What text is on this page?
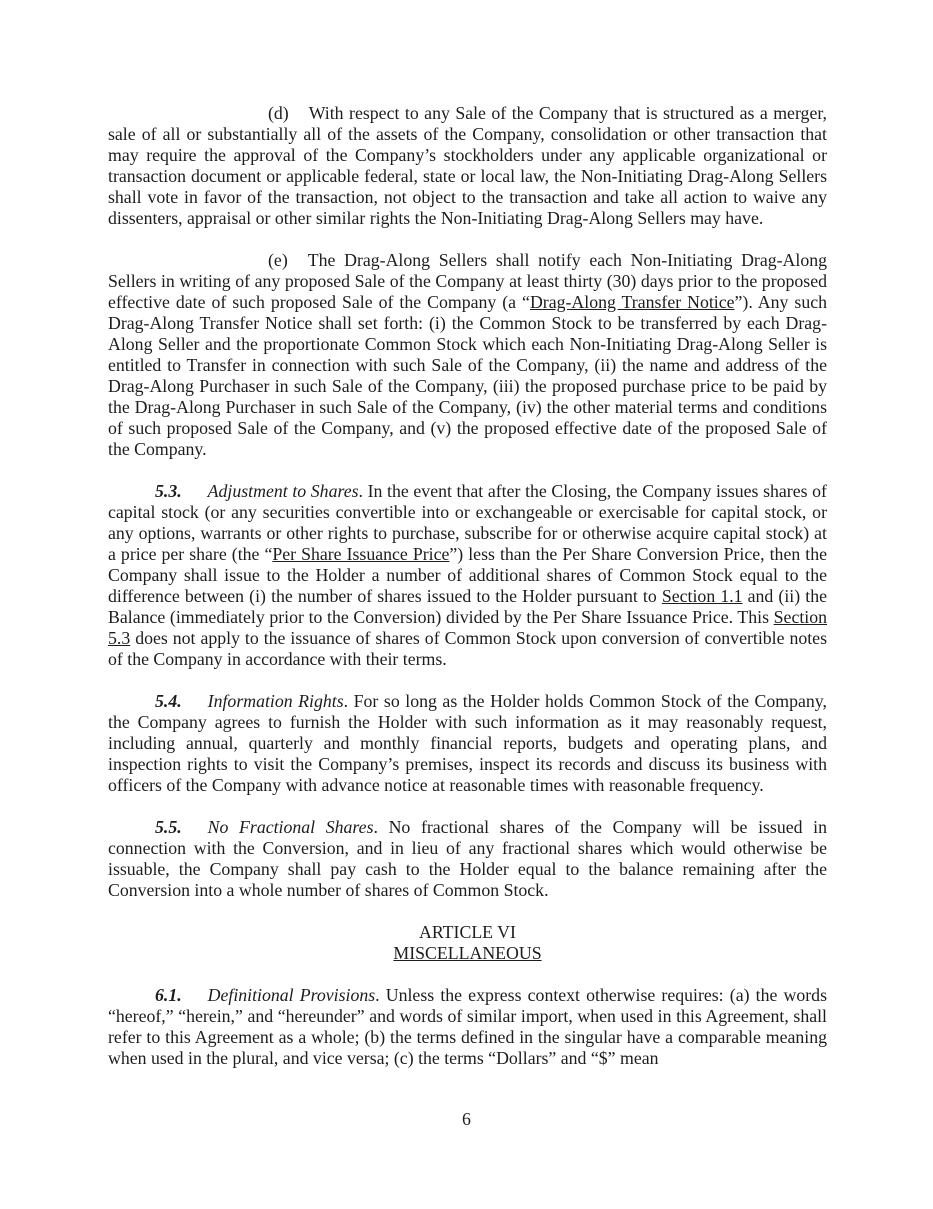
(d) With respect to any Sale of the Company that is structured as a merger, sale of all or substantially all of the assets of the Company, consolidation or other transaction that may require the approval of the Company’s stockholders under any applicable organizational or transaction document or applicable federal, state or local law, the Non-Initiating Drag-Along Sellers shall vote in favor of the transaction, not object to the transaction and take all action to waive any dissenters, appraisal or other similar rights the Non-Initiating Drag-Along Sellers may have.

(e) The Drag-Along Sellers shall notify each Non-Initiating Drag-Along Sellers in writing of any proposed Sale of the Company at least thirty (30) days prior to the proposed effective date of such proposed Sale of the Company (a “Drag-Along Transfer Notice”). Any such Drag-Along Transfer Notice shall set forth: (i) the Common Stock to be transferred by each Drag-Along Seller and the proportionate Common Stock which each Non-Initiating Drag-Along Seller is entitled to Transfer in connection with such Sale of the Company, (ii) the name and address of the Drag-Along Purchaser in such Sale of the Company, (iii) the proposed purchase price to be paid by the Drag-Along Purchaser in such Sale of the Company, (iv) the other material terms and conditions of such proposed Sale of the Company, and (v) the proposed effective date of the proposed Sale of the Company.

5.3. Adjustment to Shares. In the event that after the Closing, the Company issues shares of capital stock (or any securities convertible into or exchangeable or exercisable for capital stock, or any options, warrants or other rights to purchase, subscribe for or otherwise acquire capital stock) at a price per share (the “Per Share Issuance Price”) less than the Per Share Conversion Price, then the Company shall issue to the Holder a number of additional shares of Common Stock equal to the difference between (i) the number of shares issued to the Holder pursuant to Section 1.1 and (ii) the Balance (immediately prior to the Conversion) divided by the Per Share Issuance Price. This Section 5.3 does not apply to the issuance of shares of Common Stock upon conversion of convertible notes of the Company in accordance with their terms.

5.4. Information Rights. For so long as the Holder holds Common Stock of the Company, the Company agrees to furnish the Holder with such information as it may reasonably request, including annual, quarterly and monthly financial reports, budgets and operating plans, and inspection rights to visit the Company’s premises, inspect its records and discuss its business with officers of the Company with advance notice at reasonable times with reasonable frequency.

5.5. No Fractional Shares. No fractional shares of the Company will be issued in connection with the Conversion, and in lieu of any fractional shares which would otherwise be issuable, the Company shall pay cash to the Holder equal to the balance remaining after the Conversion into a whole number of shares of Common Stock.

ARTICLE VI
MISCELLANEOUS

6.1. Definitional Provisions. Unless the express context otherwise requires: (a) the words “hereof,” “herein,” and “hereunder” and words of similar import, when used in this Agreement, shall refer to this Agreement as a whole; (b) the terms defined in the singular have a comparable meaning when used in the plural, and vice versa; (c) the terms “Dollars” and “$” mean

6
